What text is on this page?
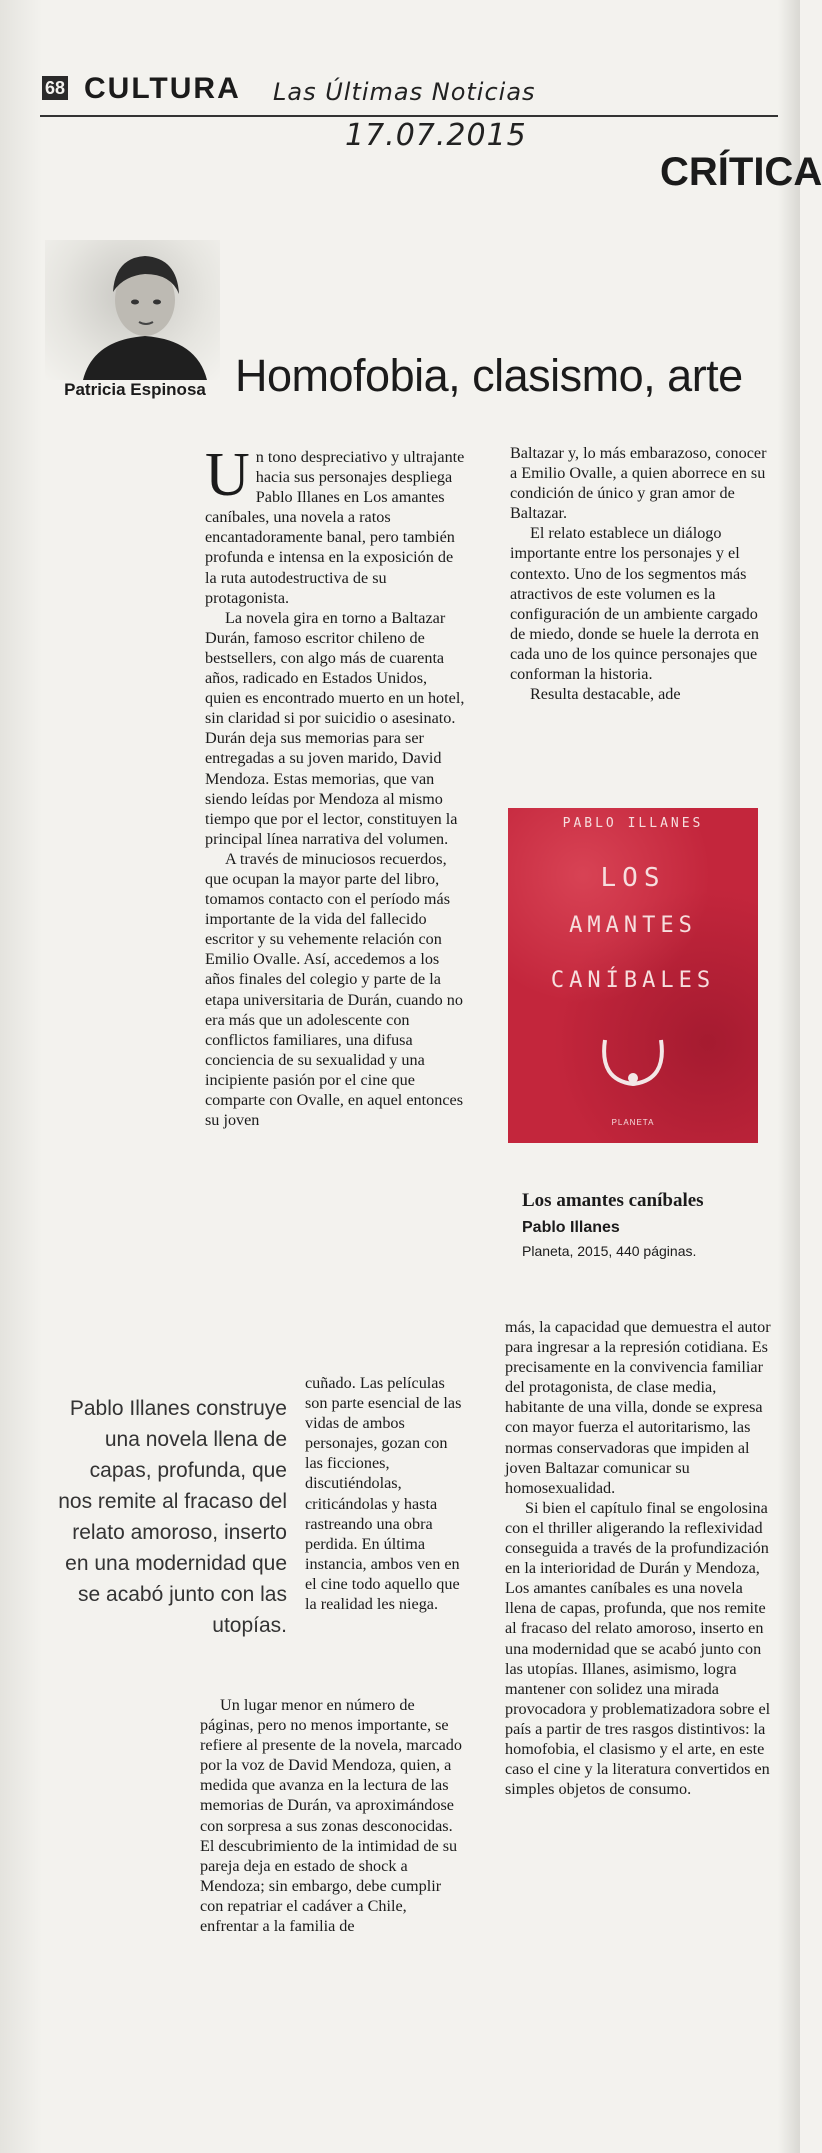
68 CULTURA Las Últimas Noticias
17.07.2015
CRÍTICA
Patricia Espinosa Homofobia, clasismo, arte
U n tono despreciativo y ultrajante hacia sus personajes despliega Pablo Illanes en Los amantes caníbales, una novela a ratos encantadoramente banal, pero también profunda e intensa en la exposición de la ruta autodestructiva de su protagonista.

La novela gira en torno a Baltazar Durán, famoso escritor chileno de bestsellers, con algo más de cuarenta años, radicado en Estados Unidos, quien es encontrado muerto en un hotel, sin claridad si por suicidio o asesinato. Durán deja sus memorias para ser entregadas a su joven marido, David Mendoza. Estas memorias, que van siendo leídas por Mendoza al mismo tiempo que por el lector, constituyen la principal línea narrativa del volumen.

A través de minuciosos recuerdos, que ocupan la mayor parte del libro, tomamos contacto con el período más importante de la vida del fallecido escritor y su vehemente relación con Emilio Ovalle. Así, accedemos a los años finales del colegio y parte de la etapa universitaria de Durán, cuando no era más que un adolescente con conflictos familiares, una difusa conciencia de su sexualidad y una incipiente pasión por el cine que comparte con Ovalle, en aquel entonces su joven

cuñado. Las películas son parte esencial de las vidas de ambos personajes, gozan con las ficciones, discutiéndolas, criticándolas y hasta rastreando una obra perdida. En última instancia, ambos ven en el cine todo aquello que la realidad les niega.

Pablo Illanes construye una novela llena de capas, profunda, que nos remite al fracaso del relato amoroso, inserto en una modernidad que se acabó junto con las utopías.

Un lugar menor en número de páginas, pero no menos importante, se refiere al presente de la novela, marcado por la voz de David Mendoza, quien, a medida que avanza en la lectura de las memorias de Durán, va aproximándose con sorpresa a sus zonas desconocidas. El descubrimiento de la intimidad de su pareja deja en estado de shock a Mendoza; sin embargo, debe cumplir con repatriar el cadáver a Chile, enfrentar a la familia de

Baltazar y, lo más embarazoso, conocer a Emilio Ovalle, a quien aborrece en su condición de único y gran amor de Baltazar.

El relato establece un diálogo importante entre los personajes y el contexto. Uno de los segmentos más atractivos de este volumen es la configuración de un ambiente cargado de miedo, donde se huele la derrota en cada uno de los quince personajes que conforman la historia.

Resulta destacable, ade

PABLO ILLANES
LOS
AMANTES
CANÍBALES
PLANETA
Los amantes caníbales
Pablo Illanes
Planeta, 2015, 440 páginas.

más, la capacidad que demuestra el autor para ingresar a la represión cotidiana. Es precisamente en la convivencia familiar del protagonista, de clase media, habitante de una villa, donde se expresa con mayor fuerza el autoritarismo, las normas conservadoras que impiden al joven Baltazar comunicar su homosexualidad.

Si bien el capítulo final se engolosina con el thriller aligerando la reflexividad conseguida a través de la profundización en la interioridad de Durán y Mendoza, Los amantes caníbales es una novela llena de capas, profunda, que nos remite al fracaso del relato amoroso, inserto en una modernidad que se acabó junto con las utopías. Illanes, asimismo, logra mantener con solidez una mirada provocadora y problematizadora sobre el país a partir de tres rasgos distintivos: la homofobia, el clasismo y el arte, en este caso el cine y la literatura convertidos en simples objetos de consumo.
